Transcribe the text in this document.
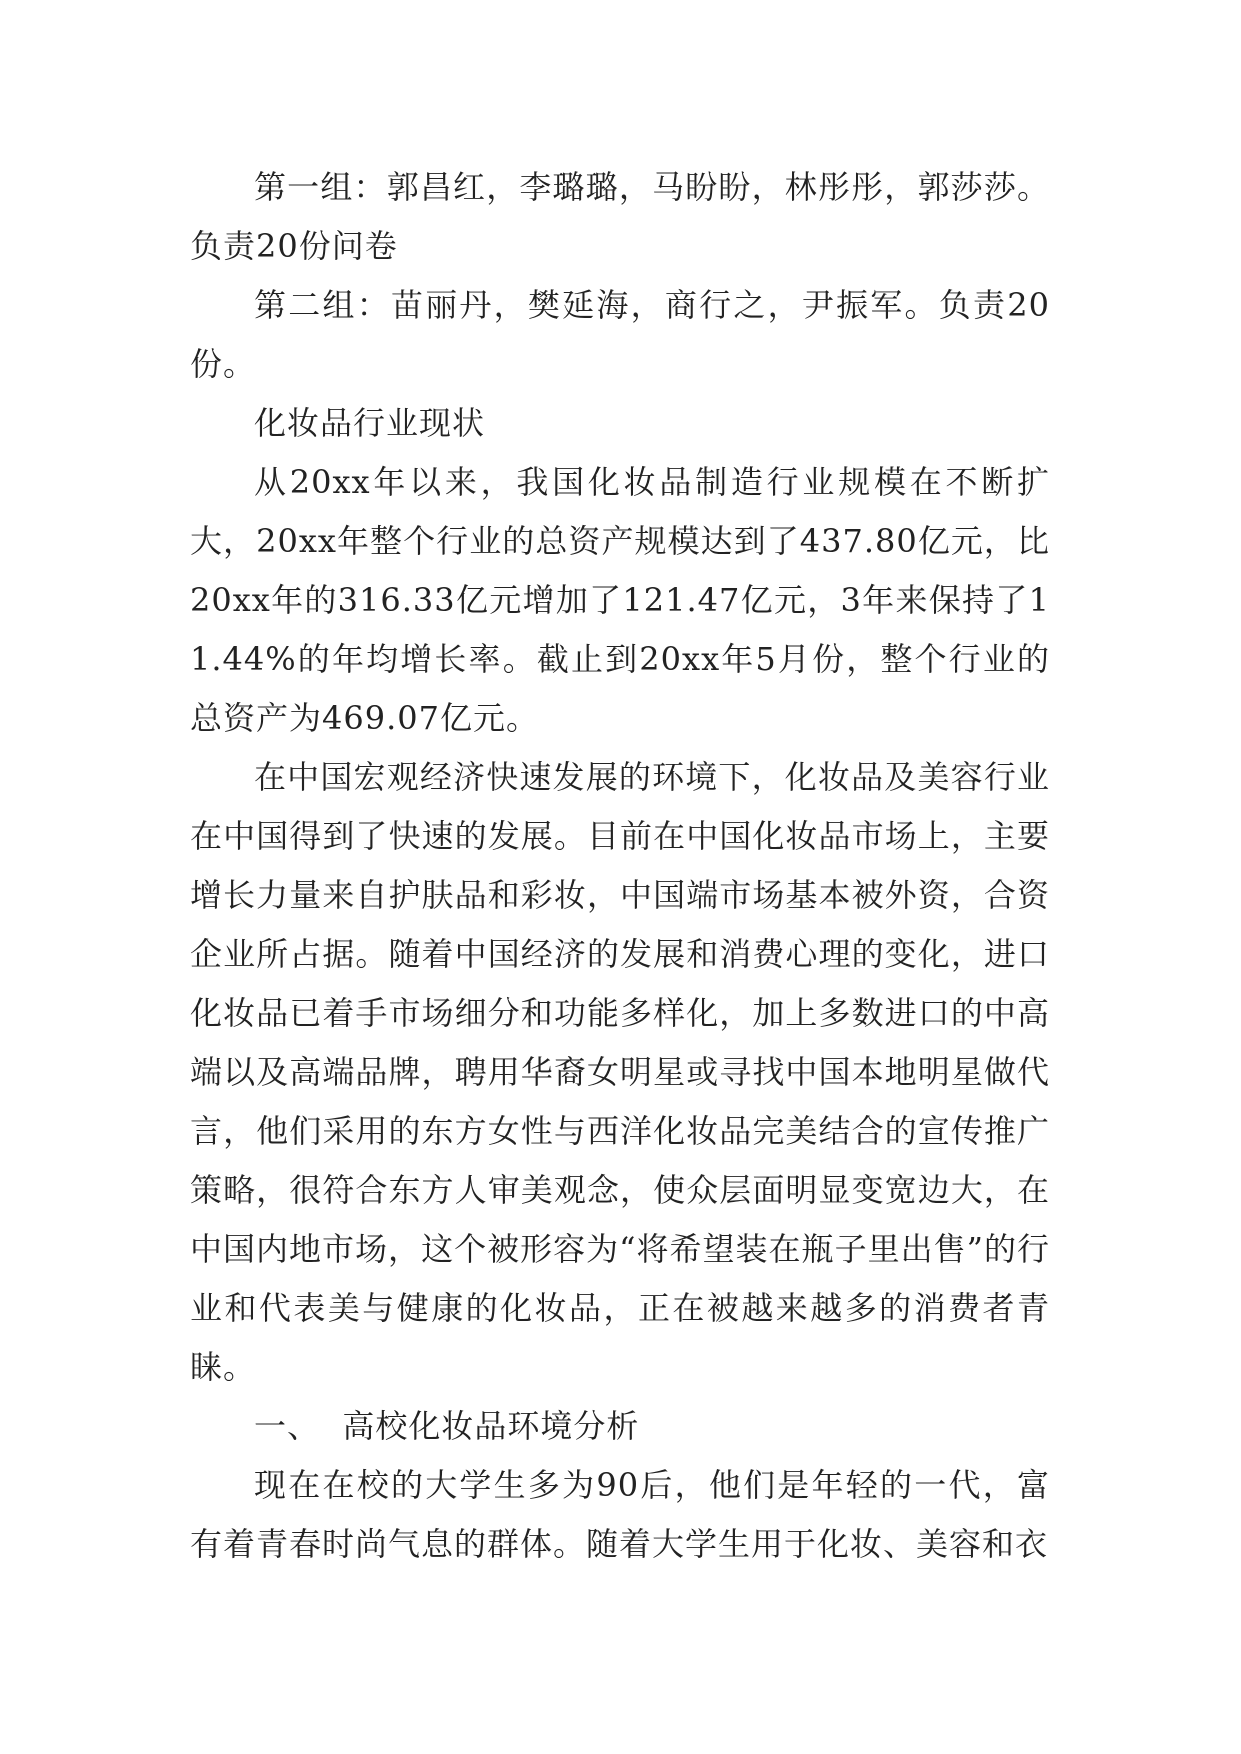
第一组：郭昌红，李璐璐，马盼盼，林彤彤，郭莎莎。负责20份问卷

第二组：苗丽丹，樊延海，商行之，尹振军。负责20份。

化妆品行业现状

从20xx年以来，我国化妆品制造行业规模在不断扩大，20xx年整个行业的总资产规模达到了437.80亿元，比20xx年的316.33亿元增加了121.47亿元，3年来保持了11.44%的年均增长率。截止到20xx年5月份，整个行业的总资产为469.07亿元。

在中国宏观经济快速发展的环境下，化妆品及美容行业在中国得到了快速的发展。目前在中国化妆品市场上，主要增长力量来自护肤品和彩妆，中国端市场基本被外资，合资企业所占据。随着中国经济的发展和消费心理的变化，进口化妆品已着手市场细分和功能多样化，加上多数进口的中高端以及高端品牌，聘用华裔女明星或寻找中国本地明星做代言，他们采用的东方女性与西洋化妆品完美结合的宣传推广策略，很符合东方人审美观念，使众层面明显变宽边大，在中国内地市场，这个被形容为“将希望装在瓶子里出售”的行业和代表美与健康的化妆品，正在被越来越多的消费者青睐。

一、  高校化妆品环境分析

现在在校的大学生多为90后，他们是年轻的一代，富有着青春时尚气息的群体。随着大学生用于化妆、美容和衣
